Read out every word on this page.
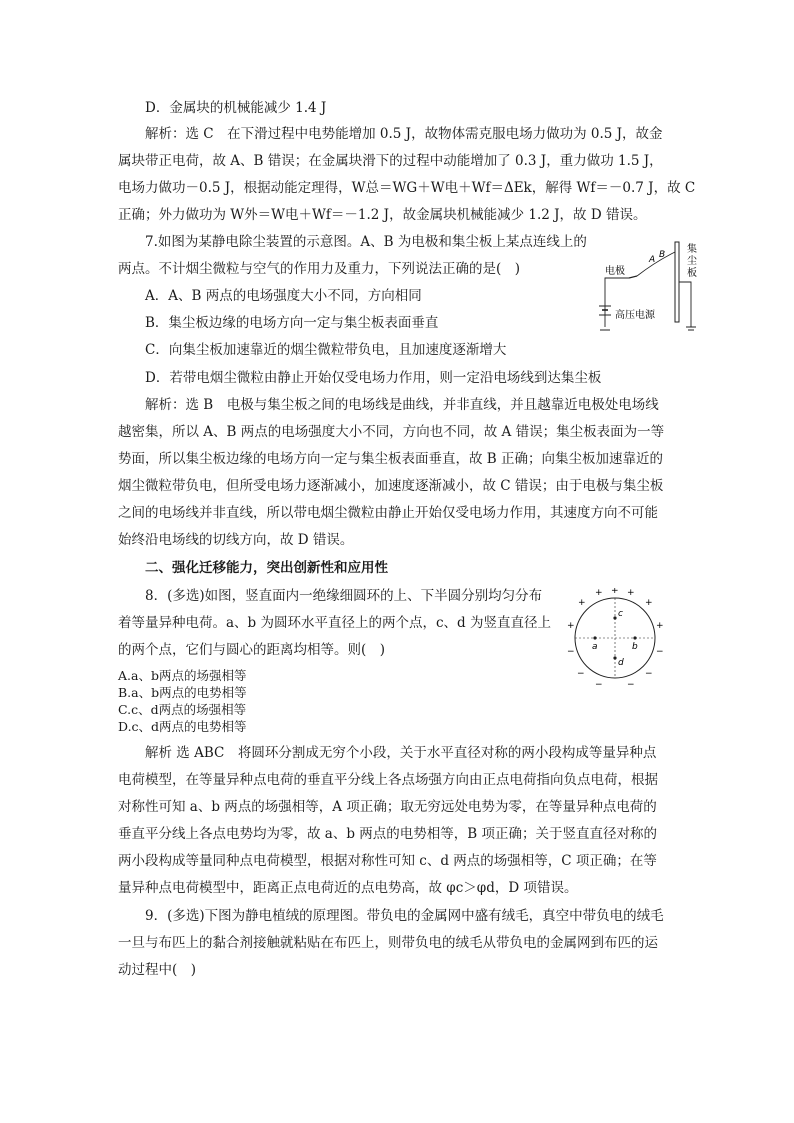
D．金属块的机械能减少 1.4 J
解析：选 C　在下滑过程中电势能增加 0.5 J，故物体需克服电场力做功为 0.5 J，故金
属块带正电荷，故 A、B 错误；在金属块滑下的过程中动能增加了 0.3 J，重力做功 1.5 J，
电场力做功－0.5 J，根据动能定理得，W总＝WG＋W电＋Wf＝ΔEk，解得 Wf＝－0.7 J，故 C
正确；外力做功为 W外＝W电＋Wf＝－1.2 J，故金属块机械能减少 1.2 J，故 D 错误。
7.如图为某静电除尘装置的示意图。A、B 为电极和集尘板上某点连线上的
两点。不计烟尘微粒与空气的作用力及重力，下列说法正确的是(　)
A．A、B 两点的电场强度大小不同，方向相同
B．集尘板边缘的电场方向一定与集尘板表面垂直
C．向集尘板加速靠近的烟尘微粒带负电，且加速度逐渐增大
D．若带电烟尘微粒由静止开始仅受电场力作用，则一定沿电场线到达集尘板
解析：选 B　电极与集尘板之间的电场线是曲线，并非直线，并且越靠近电极处电场线
越密集，所以 A、B 两点的电场强度大小不同，方向也不同，故 A 错误；集尘板表面为一等
势面，所以集尘板边缘的电场方向一定与集尘板表面垂直，故 B 正确；向集尘板加速靠近的
烟尘微粒带负电，但所受电场力逐渐减小，加速度逐渐减小，故 C 错误；由于电极与集尘板
之间的电场线并非直线，所以带电烟尘微粒由静止开始仅受电场力作用，其速度方向不可能
始终沿电场线的切线方向，故 D 错误。
二、强化迁移能力，突出创新性和应用性
8．(多选)如图，竖直面内一绝缘细圆环的上、下半圆分别均匀分布
着等量异种电荷。a、b 为圆环水平直径上的两个点，c、d 为竖直直径上
的两个点，它们与圆心的距离均相等。则(　)
A.a、b两点的场强相等
B.a、b两点的电势相等
C.c、d两点的场强相等
D.c、d两点的电势相等
解析 选 ABC　将圆环分割成无穷个小段，关于水平直径对称的两小段构成等量异种点
电荷模型，在等量异种点电荷的垂直平分线上各点场强方向由正点电荷指向负点电荷，根据
对称性可知 a、b 两点的场强相等，A 项正确；取无穷远处电势为零，在等量异种点电荷的
垂直平分线上各点电势均为零，故 a、b 两点的电势相等，B 项正确；关于竖直直径对称的
两小段构成等量同种点电荷模型，根据对称性可知 c、d 两点的场强相等，C 项正确；在等
量异种点电荷模型中，距离正点电荷近的点电势高，故 φc＞φd，D 项错误。
9．(多选)下图为静电植绒的原理图。带负电的金属网中盛有绒毛，真空中带负电的绒毛
一旦与布匹上的黏合剂接触就粘贴在布匹上，则带负电的绒毛从带负电的金属网到布匹的运
动过程中(　)
集
尘
板
电极
A B
高压电源
a	b
c
d
+
+
+ + +
+
+
−
−
−	−
−
−
